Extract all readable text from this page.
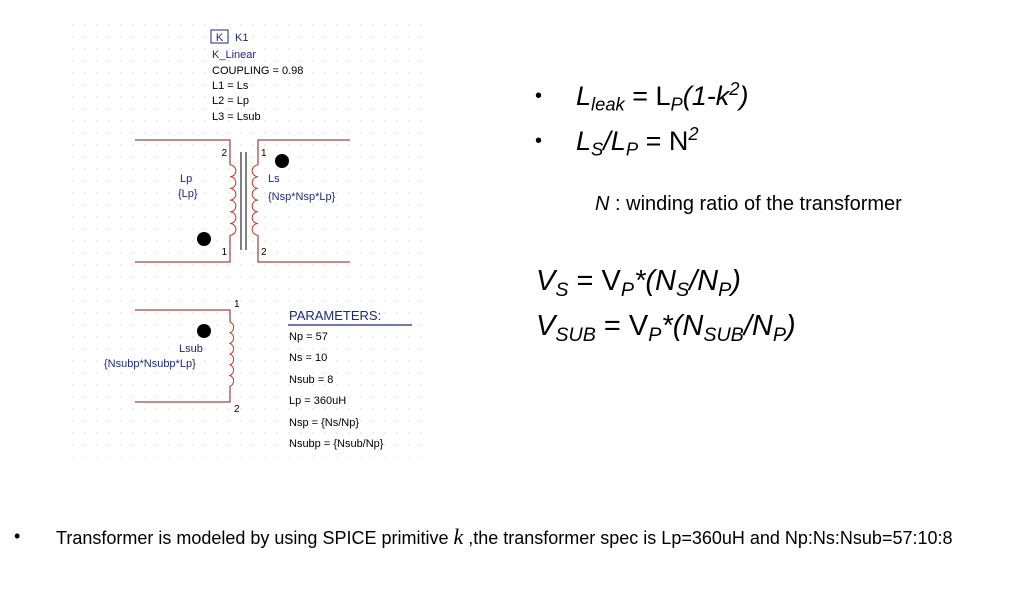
K K1
K_Linear
COUPLING = 0.98
L1 = Ls
L2 = Lp
L3 = Lsub
2
1
1
2
1
2
Lp
{Lp}
Ls
{Nsp*Nsp*Lp}
Lsub
{Nsubp*Nsubp*Lp}
PARAMETERS:
Np = 57
Ns = 10
Nsub = 8
Lp = 360uH
Nsp = {Ns/Np}
Nsubp = {Nsub/Np}
• $L_{leak} = L_P(1-k^2)$
• $L_S/L_P = N^2$
N : winding ratio of the transformer
$V_S = V_P*(N_S/N_P)$
$V_{SUB} = V_P*(N_{SUB}/N_P)$
• Transformer is modeled by using SPICE primitive k ,the transformer spec is Lp=360uH and Np:Ns:Nsub=57:10:8
